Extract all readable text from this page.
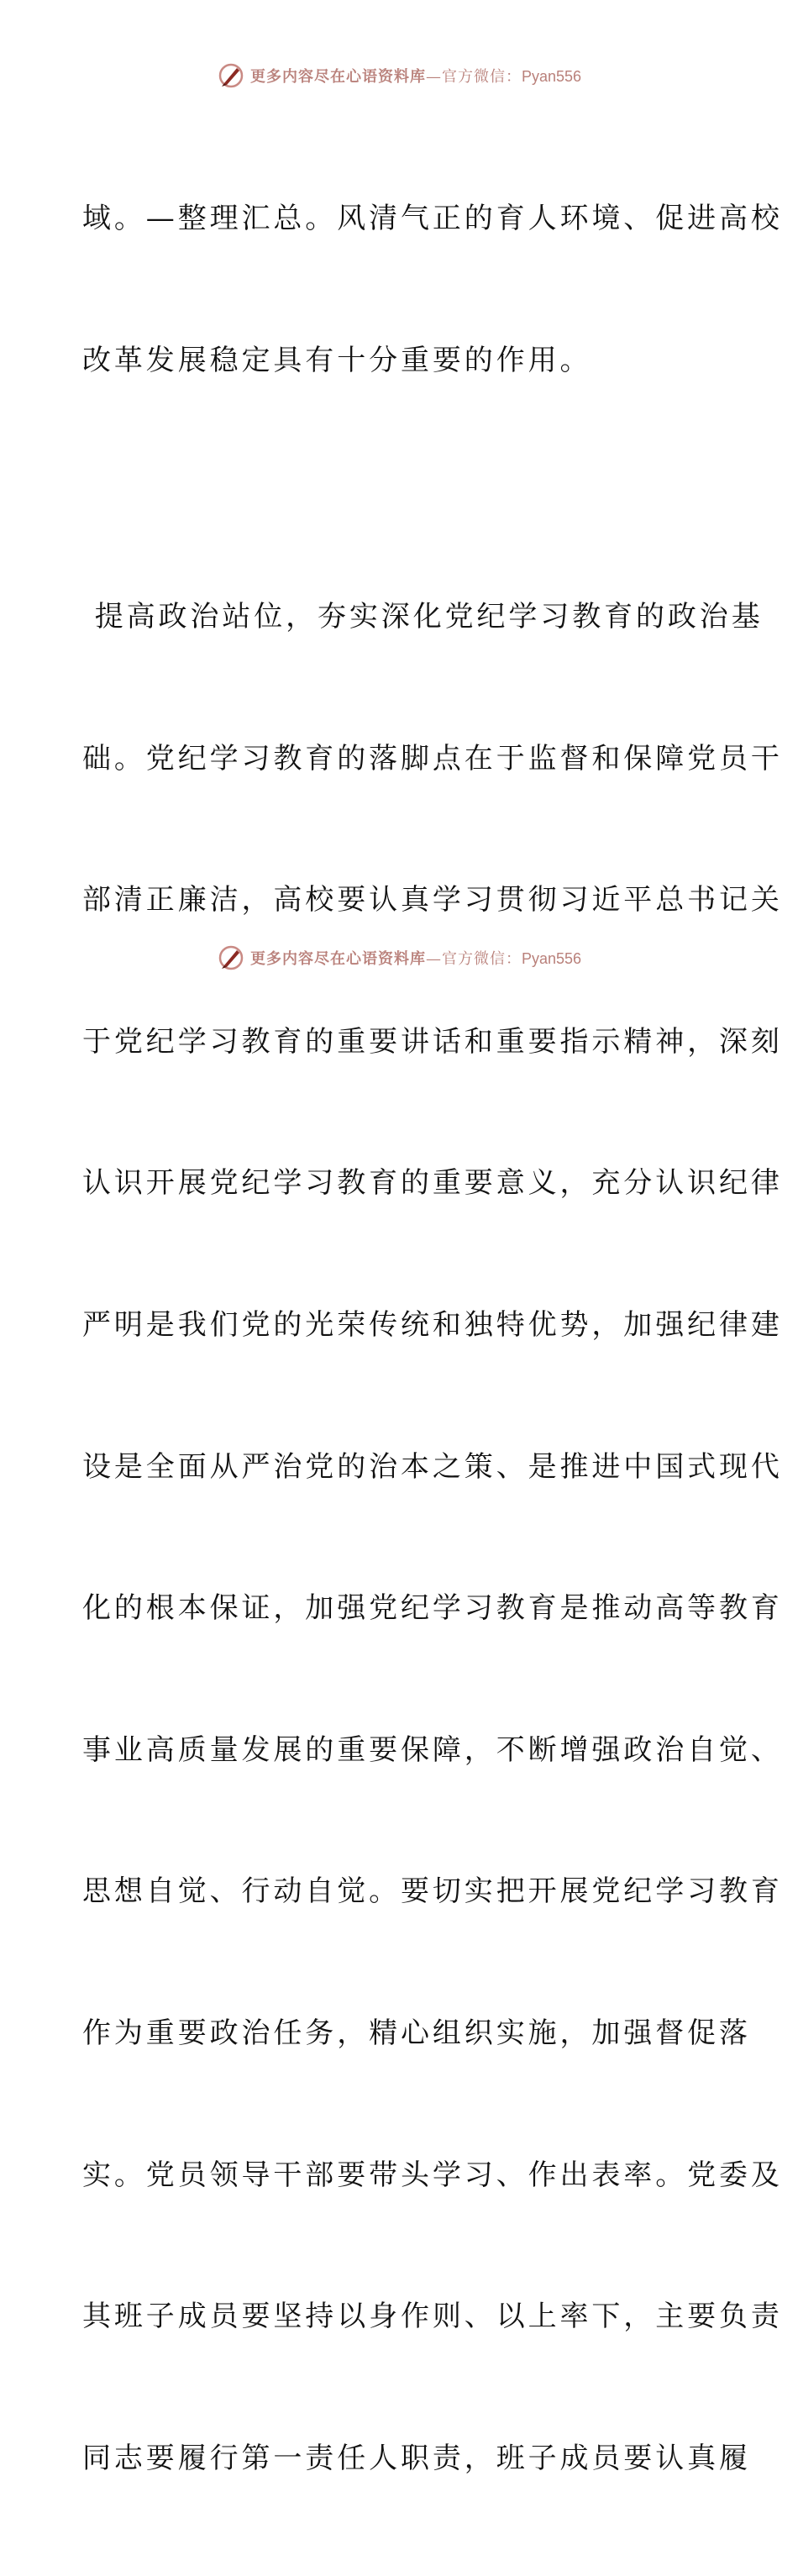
更多内容尽在心语资料库—官方微信：Pyan556

域。—整理汇总。风清气正的育人环境、促进高校

改革发展稳定具有十分重要的作用。

提高政治站位，夯实深化党纪学习教育的政治基

础。党纪学习教育的落脚点在于监督和保障党员干

部清正廉洁，高校要认真学习贯彻习近平总书记关

于党纪学习教育的重要讲话和重要指示精神，深刻

认识开展党纪学习教育的重要意义，充分认识纪律

严明是我们党的光荣传统和独特优势，加强纪律建

设是全面从严治党的治本之策、是推进中国式现代

化的根本保证，加强党纪学习教育是推动高等教育

事业高质量发展的重要保障，不断增强政治自觉、

思想自觉、行动自觉。要切实把开展党纪学习教育

作为重要政治任务，精心组织实施，加强督促落

实。党员领导干部要带头学习、作出表率。党委及

其班子成员要坚持以身作则、以上率下，主要负责

同志要履行第一责任人职责，班子成员要认真履

更多内容尽在心语资料库—官方微信：Pyan556
